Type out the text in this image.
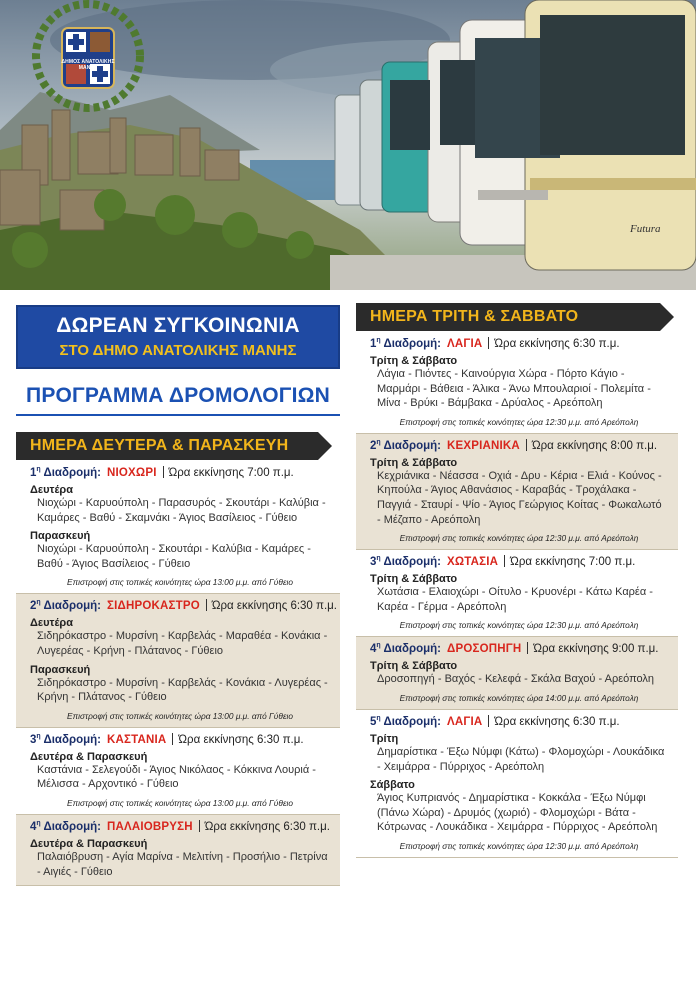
Futura
ΔΗΜΟΣ ΑΝΑΤΟΛΙΚΗΣ ΜΑΝΗΣ
ΔΩΡΕΑΝ ΣΥΓΚΟΙΝΩΝΙΑ
ΣΤΟ ΔΗΜΟ ΑΝΑΤΟΛΙΚΗΣ ΜΑΝΗΣ
ΠΡΟΓΡΑΜΜΑ ΔΡΟΜΟΛΟΓΙΩΝ
ΗΜΕΡΑ ΔΕΥΤΕΡΑ & ΠΑΡΑΣΚΕΥΗ
$1^\eta$ Διαδρομή: ΝΙΟΧΩΡΙ Ώρα εκκίνησης 7:00 π.μ.
Δευτέρα
Νιοχώρι - Καρυούπολη - Παρασυρός - Σκουτάρι - Καλύβια - Καμάρες - Βαθύ - Σκαμνάκι - Άγιος Βασίλειος - Γύθειο
Παρασκευή
Νιοχώρι - Καρυούπολη - Σκουτάρι - Καλύβια - Καμάρες - Βαθύ - Άγιος Βασίλειος - Γύθειο
Επιστροφή στις τοπικές κοινότητες ώρα 13:00 μ.μ. από Γύθειο
$2^\eta$ Διαδρομή: ΣΙΔΗΡΟΚΑΣΤΡΟ Ώρα εκκίνησης 6:30 π.μ.
Δευτέρα
Σιδηρόκαστρο - Μυρσίνη - Καρβελάς - Μαραθέα - Κονάκια - Λυγερέας - Κρήνη - Πλάτανος - Γύθειο
Παρασκευή
Σιδηρόκαστρο - Μυρσίνη - Καρβελάς - Κονάκια - Λυγερέας - Κρήνη - Πλάτανος - Γύθειο
Επιστροφή στις τοπικές κοινότητες ώρα 13:00 μ.μ. από Γύθειο
$3^\eta$ Διαδρομή: ΚΑΣΤΑΝΙΑ Ώρα εκκίνησης 6:30 π.μ.
Δευτέρα & Παρασκευή
Καστάνια - Σελεγούδι - Άγιος Νικόλαος - Κόκκινα Λουριά - Μέλισσα - Αρχοντικό - Γύθειο
Επιστροφή στις τοπικές κοινότητες ώρα 13:00 μ.μ. από Γύθειο
$4^\eta$ Διαδρομή: ΠΑΛΑΙΟΒΡΥΣΗ Ώρα εκκίνησης 6:30 π.μ.
Δευτέρα & Παρασκευή
Παλαιόβρυση - Αγία Μαρίνα - Μελιτίνη - Προσήλιο - Πετρίνα - Αιγιές - Γύθειο
ΗΜΕΡΑ ΤΡΙΤΗ & ΣΑΒΒΑΤΟ
$1^\eta$ Διαδρομή: ΛΑΓΙΑ Ώρα εκκίνησης 6:30 π.μ.
Τρίτη & Σάββατο
Λάγια - Πιόντες - Καινούργια Χώρα - Πόρτο Κάγιο - Μαρμάρι - Βάθεια - Άλικα - Άνω Μπουλαριοί - Πολεμίτα - Μίνα - Βρύκι - Βάμβακα - Δρύαλος - Αρεόπολη
Επιστροφή στις τοπικές κοινότητες ώρα 12:30 μ.μ. από Αρεόπολη
$2^\eta$ Διαδρομή: ΚΕΧΡΙΑΝΙΚΑ Ώρα εκκίνησης 8:00 π.μ.
Τρίτη & Σάββατο
Κεχριάνικα - Νέασσα - Οχιά - Δρυ - Κέρια - Ελιά - Κούνος - Κηπούλα - Άγιος Αθανάσιος - Καραβάς - Τροχάλακα - Παγγιά - Σταυρί - Ψίο - Άγιος Γεώργιος Κοίτας - Φωκαλωτό - Μέζαπο - Αρεόπολη
Επιστροφή στις τοπικές κοινότητες ώρα 12:30 μ.μ. από Αρεόπολη
$3^\eta$ Διαδρομή: ΧΩΤΑΣΙΑ Ώρα εκκίνησης 7:00 π.μ.
Τρίτη & Σάββατο
Χωτάσια - Ελαιοχώρι - Οίτυλο - Κρυονέρι - Κάτω Καρέα - Καρέα - Γέρμα - Αρεόπολη
Επιστροφή στις τοπικές κοινότητες ώρα 12:30 μ.μ. από Αρεόπολη
$4^\eta$ Διαδρομή: ΔΡΟΣΟΠΗΓΗ Ώρα εκκίνησης 9:00 π.μ.
Τρίτη & Σάββατο
Δροσοπηγή - Βαχός - Κελεφά - Σκάλα Βαχού - Αρεόπολη
Επιστροφή στις τοπικές κοινότητες ώρα 14:00 μ.μ. από Αρεόπολη
$5^\eta$ Διαδρομή: ΛΑΓΙΑ Ώρα εκκίνησης 6:30 π.μ.
Τρίτη
Δημαρίστικα - Έξω Νύμφι (Κάτω) - Φλομοχώρι - Λουκάδικα - Χειμάρρα - Πύρριχος - Αρεόπολη
Σάββατο
Άγιος Κυπριανός - Δημαρίστικα - Κοκκάλα - Έξω Νύμφι (Πάνω Χώρα) - Δρυμός (χωριό) - Φλομοχώρι - Βάτα - Κότρωνας - Λουκάδικα - Χειμάρρα - Πύρριχος - Αρεόπολη
Επιστροφή στις τοπικές κοινότητες ώρα 12:30 μ.μ. από Αρεόπολη
